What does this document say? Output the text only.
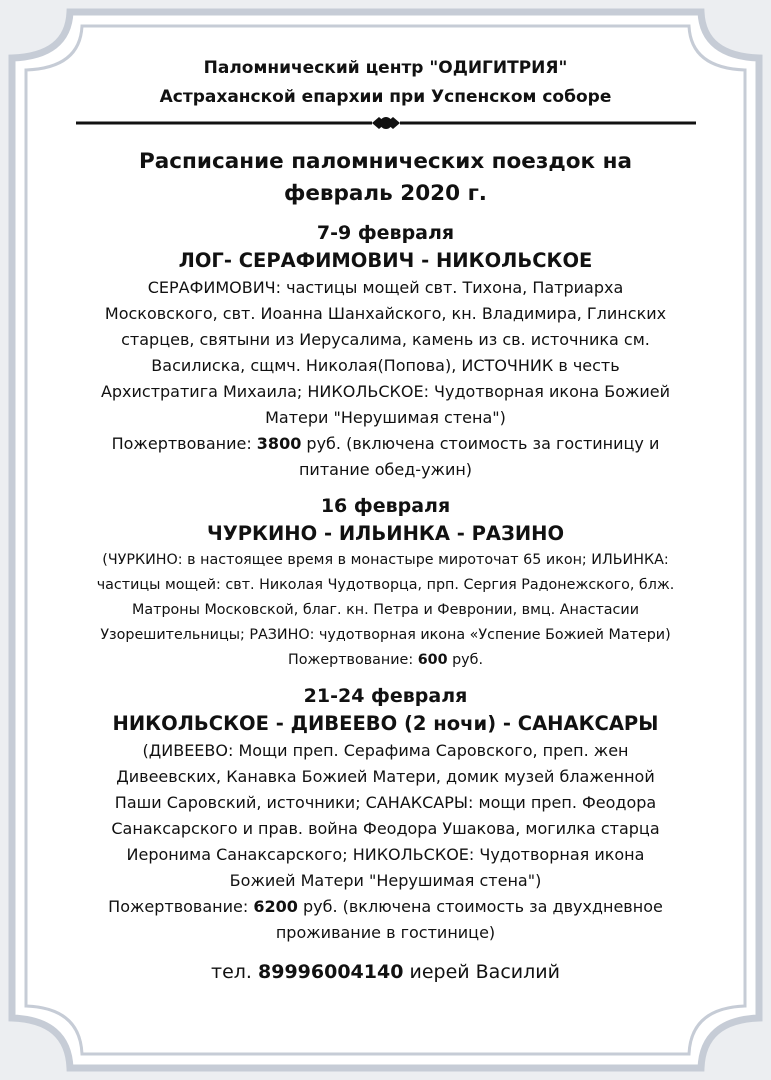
Паломнический центр "ОДИГИТРИЯ"
Астраханской епархии при Успенском соборе
Расписание паломнических поездок на
февраль 2020 г.
7-9 февраля
ЛОГ- СЕРАФИМОВИЧ - НИКОЛЬСКОЕ
СЕРАФИМОВИЧ: частицы мощей свт. Тихона, Патриарха
Московского, свт. Иоанна Шанхайского, кн. Владимира, Глинских
старцев, святыни из Иерусалима, камень из св. источника см.
Василиска, сщмч. Николая(Попова), ИСТОЧНИК в честь
Архистратига Михаила; НИКОЛЬСКОЕ: Чудотворная икона Божией
Матери "Нерушимая стена")
Пожертвование: 3800 руб. (включена стоимость за гостиницу и
питание обед-ужин)
16 февраля
ЧУРКИНО - ИЛЬИНКА - РАЗИНО
(ЧУРКИНО: в настоящее время в монастыре мироточат 65 икон; ИЛЬИНКА:
частицы мощей: свт. Николая Чудотворца, прп. Сергия Радонежского, блж.
Матроны Московской, благ. кн. Петра и Февронии, вмц. Анастасии
Узорешительницы; РАЗИНО: чудотворная икона «Успение Божией Матери)
Пожертвование: 600 руб.
21-24 февраля
НИКОЛЬСКОЕ - ДИВЕЕВО (2 ночи) - САНАКСАРЫ
(ДИВЕЕВО: Мощи преп. Серафима Саровского, преп. жен
Дивеевских, Канавка Божией Матери, домик музей блаженной
Паши Саровский, источники; САНАКСАРЫ: мощи преп. Феодора
Санаксарского и прав. война Феодора Ушакова, могилка старца
Иеронима Санаксарского; НИКОЛЬСКОЕ: Чудотворная икона
Божией Матери "Нерушимая стена")
Пожертвование: 6200 руб. (включена стоимость за двухдневное
проживание в гостинице)
тел. 89996004140 иерей Василий
